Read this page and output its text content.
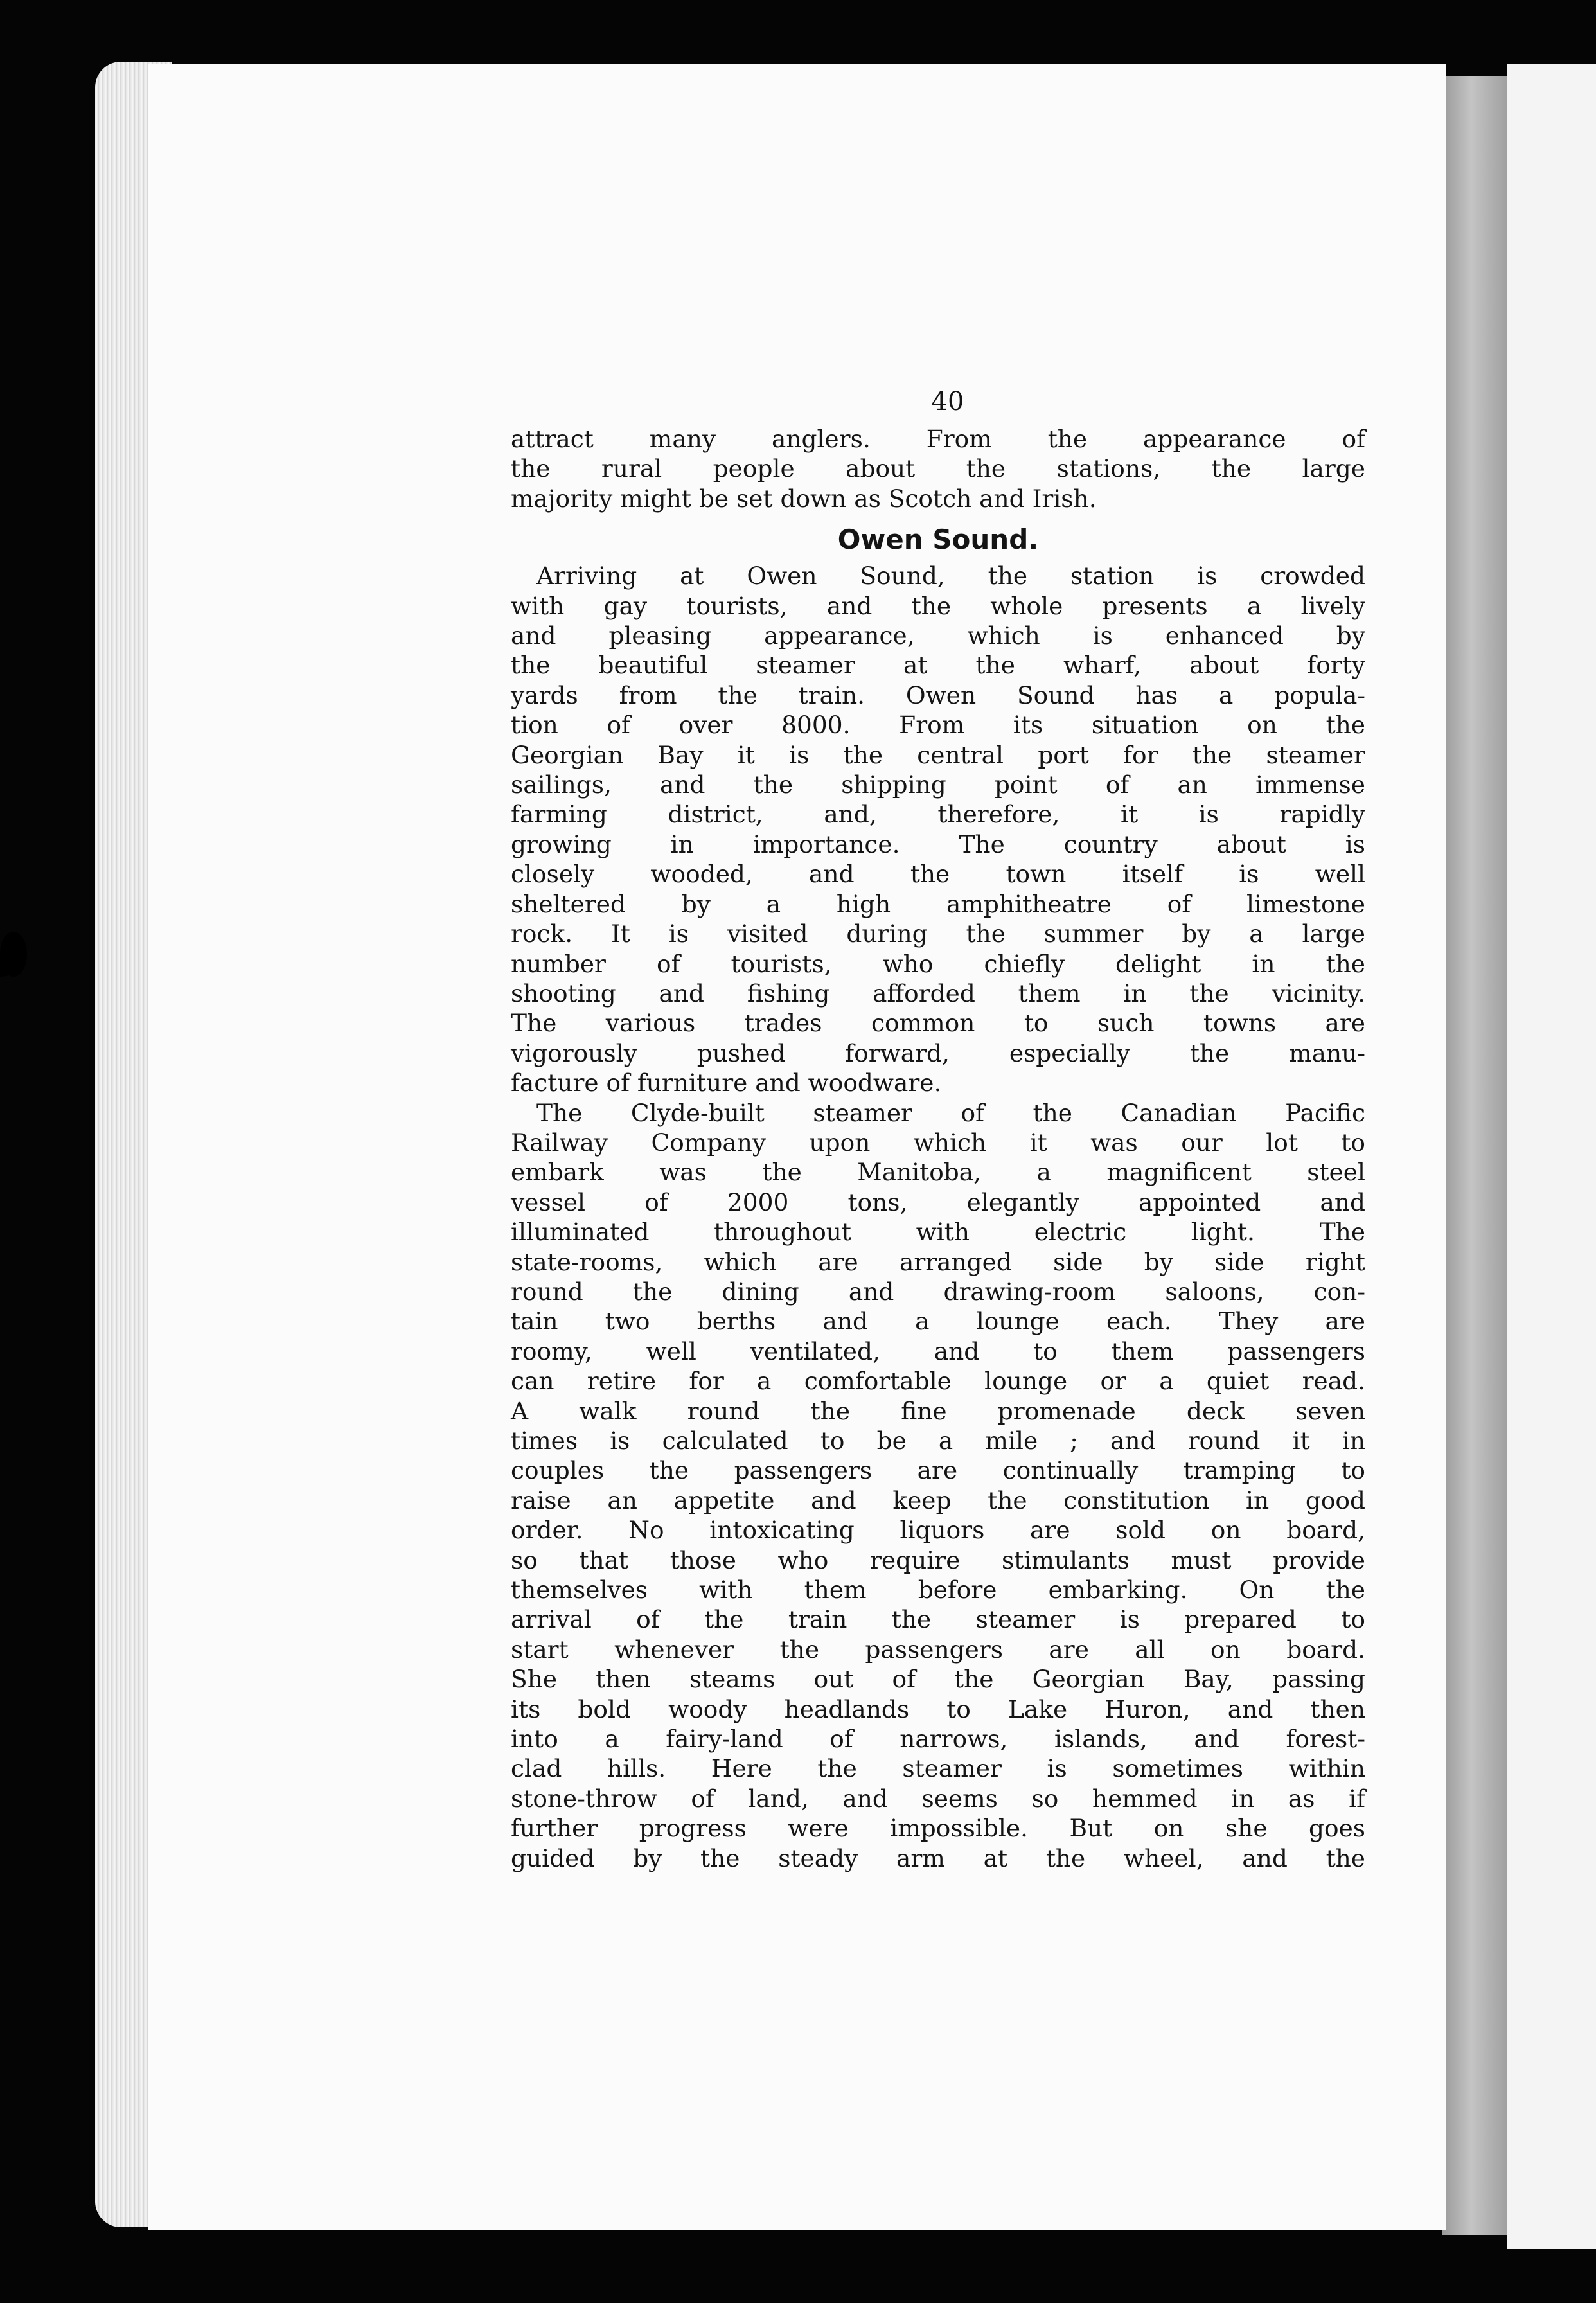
40
attract many anglers. From the appearance of
the rural people about the stations, the large
majority might be set down as Scotch and Irish.
Owen Sound.
Arriving at Owen Sound, the station is crowded
with gay tourists, and the whole presents a lively
and pleasing appearance, which is enhanced by
the beautiful steamer at the wharf, about forty
yards from the train. Owen Sound has a popula-
tion of over 8000. From its situation on the
Georgian Bay it is the central port for the steamer
sailings, and the shipping point of an immense
farming district, and, therefore, it is rapidly
growing in importance. The country about is
closely wooded, and the town itself is well
sheltered by a high amphitheatre of limestone
rock. It is visited during the summer by a large
number of tourists, who chiefly delight in the
shooting and fishing afforded them in the vicinity.
The various trades common to such towns are
vigorously pushed forward, especially the manu-
facture of furniture and woodware.
The Clyde-built steamer of the Canadian Pacific
Railway Company upon which it was our lot to
embark was the Manitoba, a magnificent steel
vessel of 2000 tons, elegantly appointed and
illuminated throughout with electric light. The
state-rooms, which are arranged side by side right
round the dining and drawing-room saloons, con-
tain two berths and a lounge each. They are
roomy, well ventilated, and to them passengers
can retire for a comfortable lounge or a quiet read.
A walk round the fine promenade deck seven
times is calculated to be a mile ; and round it in
couples the passengers are continually tramping to
raise an appetite and keep the constitution in good
order. No intoxicating liquors are sold on board,
so that those who require stimulants must provide
themselves with them before embarking. On the
arrival of the train the steamer is prepared to
start whenever the passengers are all on board.
She then steams out of the Georgian Bay, passing
its bold woody headlands to Lake Huron, and then
into a fairy-land of narrows, islands, and forest-
clad hills. Here the steamer is sometimes within
stone-throw of land, and seems so hemmed in as if
further progress were impossible. But on she goes
guided by the steady arm at the wheel, and the
